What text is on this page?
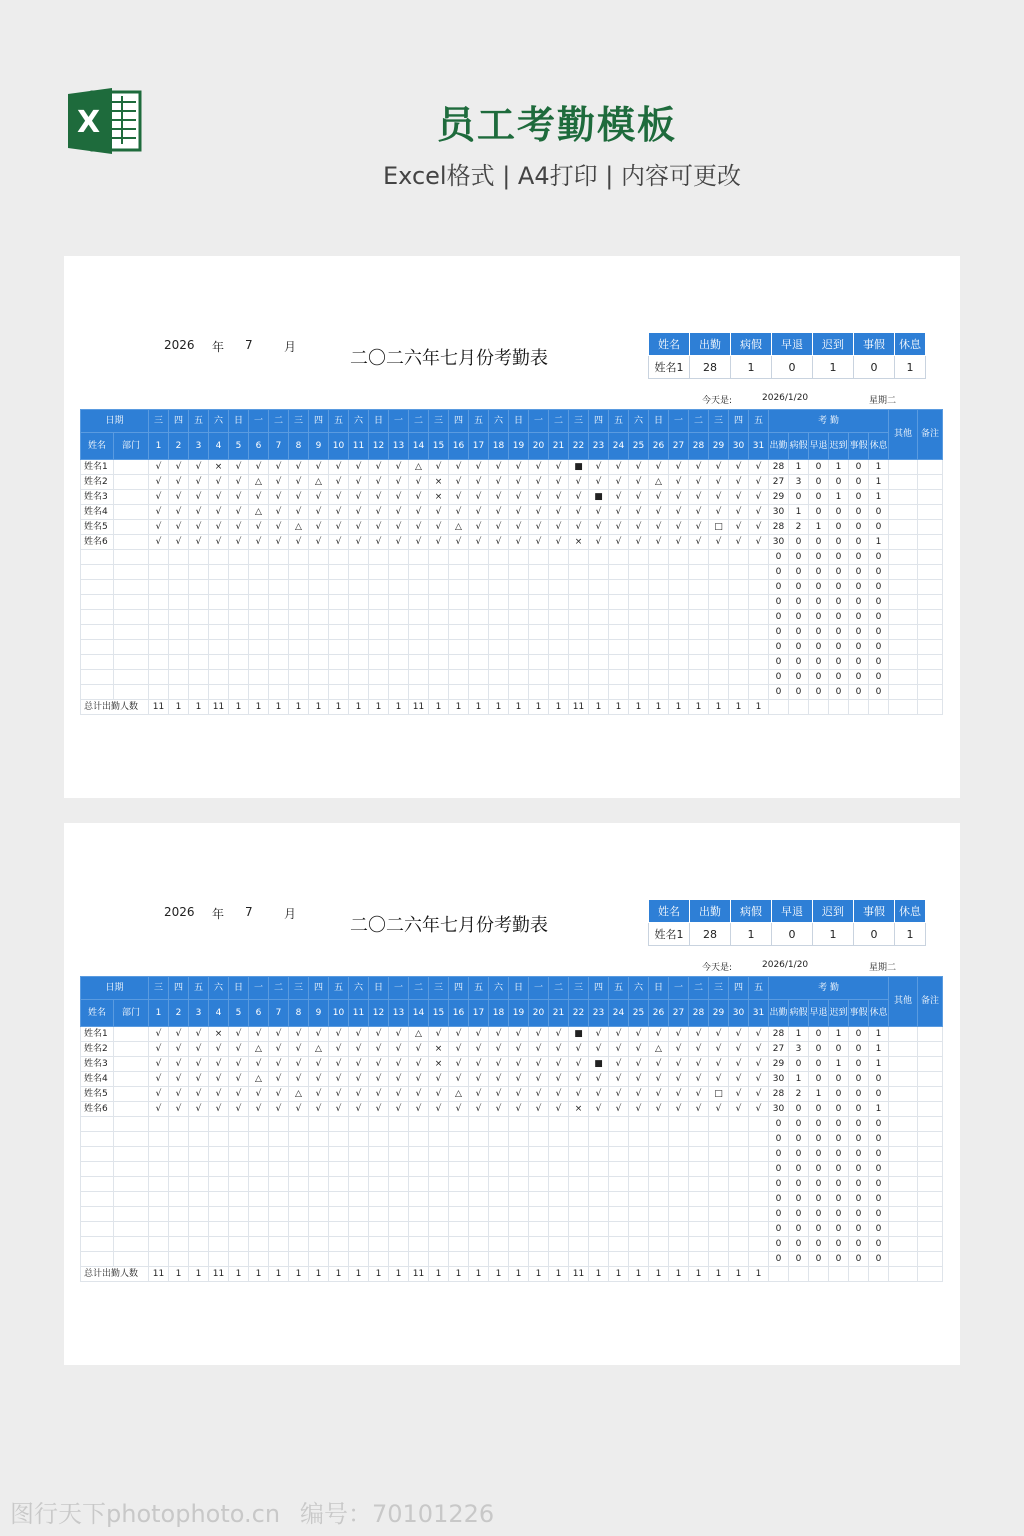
X	员工考勤模板
Excel格式 | A4打印 | 内容可更改
2026 年 7	月
二〇二六年七月份考勤表
姓名	出勤	病假	早退	迟到	事假	休息
姓名1	28	1	0	1	0	1
今天是:	2026/1/20	星期二
日期		三	四	五	六	日	一	二	三	四	五	六	日	一	二	三	四	五	六	日	一	二	三	四	五	六	日	一	二	三	四	五	考 勤						其他	备注
姓名	部门	1	2	3	4	5	6	7	8	9	10	11	12	13	14	15	16	17	18	19	20	21	22	23	24	25	26	27	28	29	30	31	出勤	病假	早退	迟到	事假	休息		
姓名1		√	√	√	×	√	√	√	√	√	√	√	√	√	△	√	√	√	√	√	√	√	■	√	√	√	√	√	√	√	√	√	28	1	0	1	0	1		
姓名2		√	√	√	√	√	△	√	√	△	√	√	√	√	√	×	√	√	√	√	√	√	√	√	√	√	△	√	√	√	√	√	27	3	0	0	0	1		
姓名3		√	√	√	√	√	√	√	√	√	√	√	√	√	√	×	√	√	√	√	√	√	√	■	√	√	√	√	√	√	√	√	29	0	0	1	0	1		
姓名4		√	√	√	√	√	△	√	√	√	√	√	√	√	√	√	√	√	√	√	√	√	√	√	√	√	√	√	√	√	√	√	30	1	0	0	0	0		
姓名5		√	√	√	√	√	√	√	△	√	√	√	√	√	√	√	△	√	√	√	√	√	√	√	√	√	√	√	√	□	√	√	28	2	1	0	0	0		
姓名6		√	√	√	√	√	√	√	√	√	√	√	√	√	√	√	√	√	√	√	√	√	×	√	√	√	√	√	√	√	√	√	30	0	0	0	0	1		
																																	0	0	0	0	0	0		
																																	0	0	0	0	0	0		
																																	0	0	0	0	0	0		
																																	0	0	0	0	0	0		
																																	0	0	0	0	0	0		
																																	0	0	0	0	0	0		
																																	0	0	0	0	0	0		
																																	0	0	0	0	0	0		
																																	0	0	0	0	0	0		
																																	0	0	0	0	0	0		
总计出勤人数		11	1	1	11	1	1	1	1	1	1	1	1	1	11	1	1	1	1	1	1	1	11	1	1	1	1	1	1	1	1	1								
2026 年 7	月
二〇二六年七月份考勤表
姓名	出勤	病假	早退	迟到	事假	休息
姓名1	28	1	0	1	0	1
今天是:	2026/1/20	星期二
日期		三	四	五	六	日	一	二	三	四	五	六	日	一	二	三	四	五	六	日	一	二	三	四	五	六	日	一	二	三	四	五	考 勤						其他	备注
姓名	部门	1	2	3	4	5	6	7	8	9	10	11	12	13	14	15	16	17	18	19	20	21	22	23	24	25	26	27	28	29	30	31	出勤	病假	早退	迟到	事假	休息		
姓名1		√	√	√	×	√	√	√	√	√	√	√	√	√	△	√	√	√	√	√	√	√	■	√	√	√	√	√	√	√	√	√	28	1	0	1	0	1		
姓名2		√	√	√	√	√	△	√	√	△	√	√	√	√	√	×	√	√	√	√	√	√	√	√	√	√	△	√	√	√	√	√	27	3	0	0	0	1		
姓名3		√	√	√	√	√	√	√	√	√	√	√	√	√	√	×	√	√	√	√	√	√	√	■	√	√	√	√	√	√	√	√	29	0	0	1	0	1		
姓名4		√	√	√	√	√	△	√	√	√	√	√	√	√	√	√	√	√	√	√	√	√	√	√	√	√	√	√	√	√	√	√	30	1	0	0	0	0		
姓名5		√	√	√	√	√	√	√	△	√	√	√	√	√	√	√	△	√	√	√	√	√	√	√	√	√	√	√	√	□	√	√	28	2	1	0	0	0		
姓名6		√	√	√	√	√	√	√	√	√	√	√	√	√	√	√	√	√	√	√	√	√	×	√	√	√	√	√	√	√	√	√	30	0	0	0	0	1		
																																	0	0	0	0	0	0		
																																	0	0	0	0	0	0		
																																	0	0	0	0	0	0		
																																	0	0	0	0	0	0		
																																	0	0	0	0	0	0		
																																	0	0	0	0	0	0		
																																	0	0	0	0	0	0		
																																	0	0	0	0	0	0		
																																	0	0	0	0	0	0		
																																	0	0	0	0	0	0		
总计出勤人数		11	1	1	11	1	1	1	1	1	1	1	1	1	11	1	1	1	1	1	1	1	11	1	1	1	1	1	1	1	1	1								
图行天下photophoto.cn 编号：70101226
